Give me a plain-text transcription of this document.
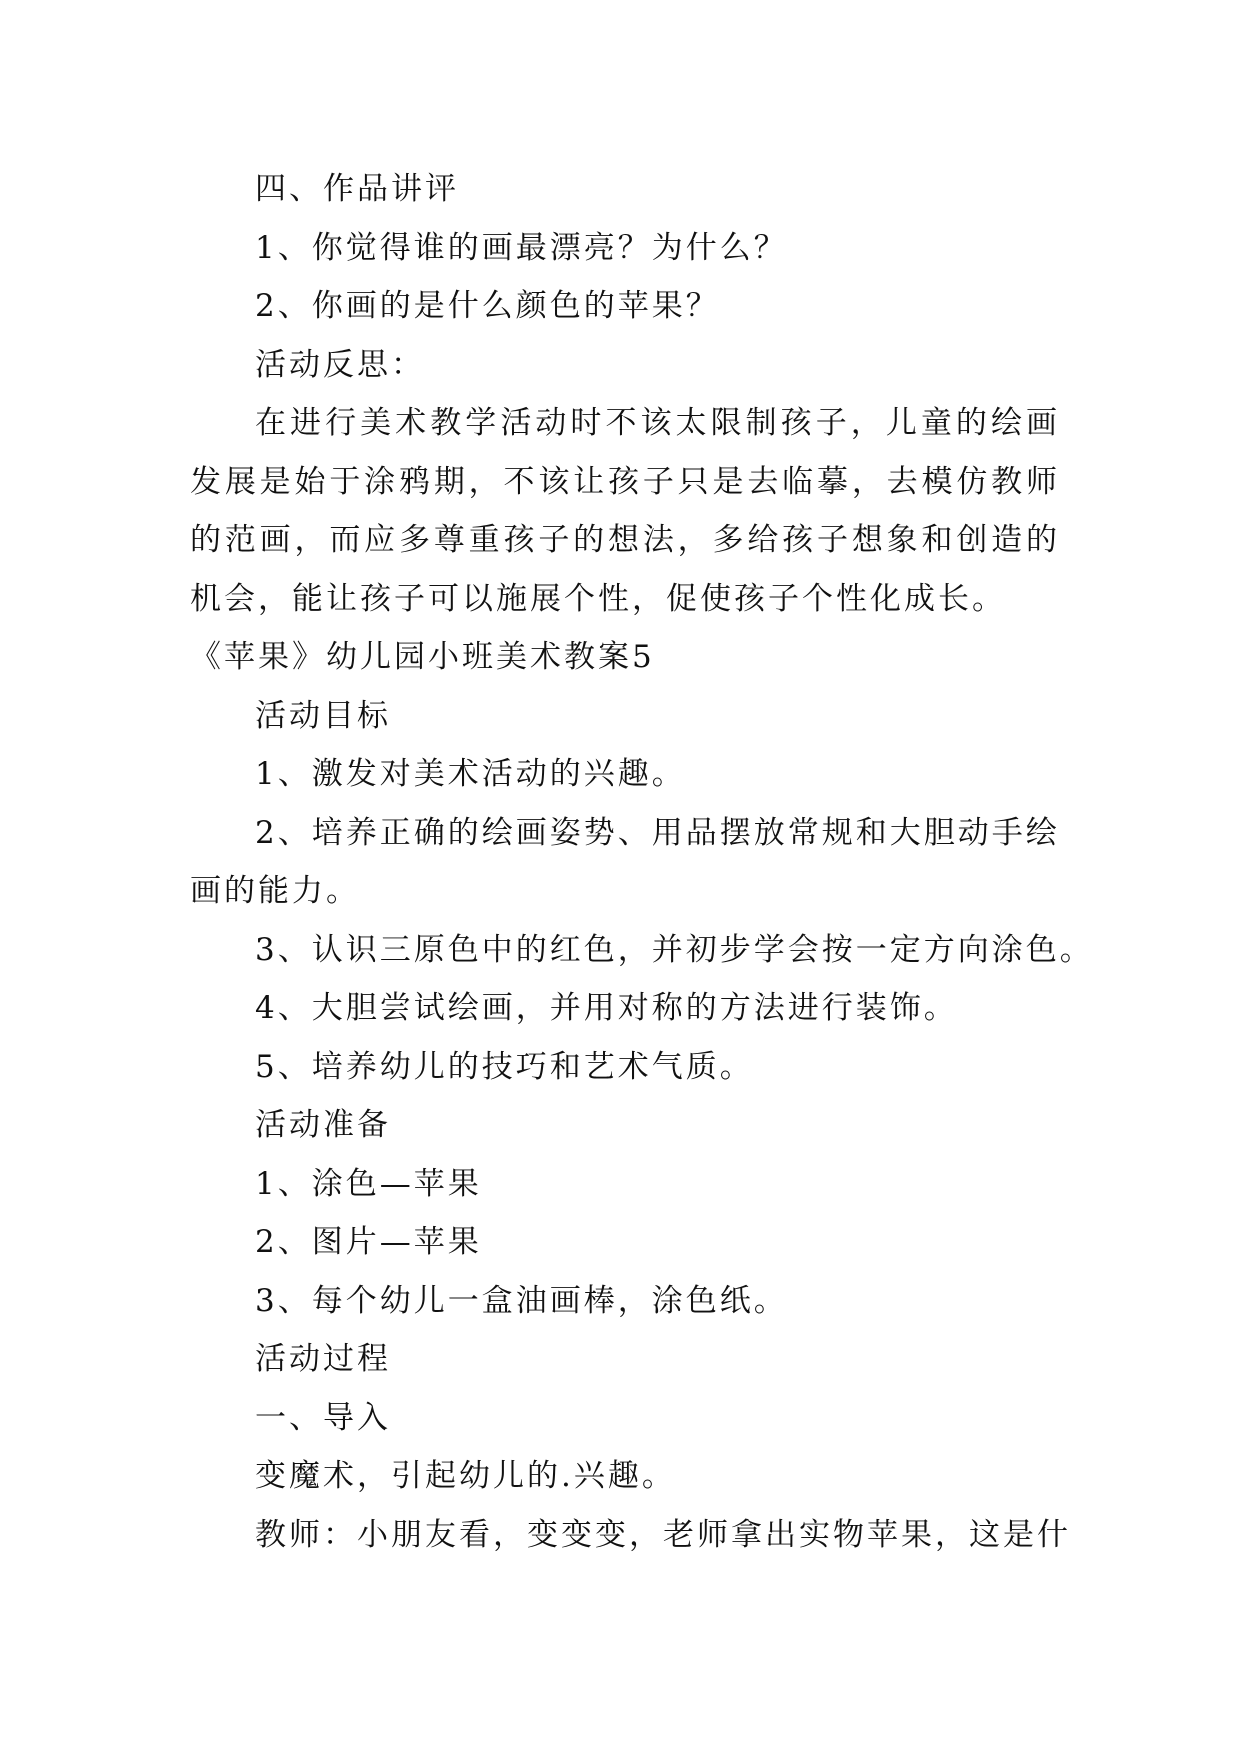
四、作品讲评

1、你觉得谁的画最漂亮？为什么？

2、你画的是什么颜色的苹果？

活动反思：

在进行美术教学活动时不该太限制孩子，儿童的绘画发展是始于涂鸦期，不该让孩子只是去临摹，去模仿教师的范画，而应多尊重孩子的想法，多给孩子想象和创造的机会，能让孩子可以施展个性，促使孩子个性化成长。

《苹果》幼儿园小班美术教案5

活动目标

1、激发对美术活动的兴趣。

2、培养正确的绘画姿势、用品摆放常规和大胆动手绘画的能力。

3、认识三原色中的红色，并初步学会按一定方向涂色。

4、大胆尝试绘画，并用对称的方法进行装饰。

5、培养幼儿的技巧和艺术气质。

活动准备

1、涂色—苹果

2、图片—苹果

3、每个幼儿一盒油画棒，涂色纸。

活动过程

一、导入

变魔术，引起幼儿的.兴趣。

教师：小朋友看，变变变，老师拿出实物苹果，这是什
